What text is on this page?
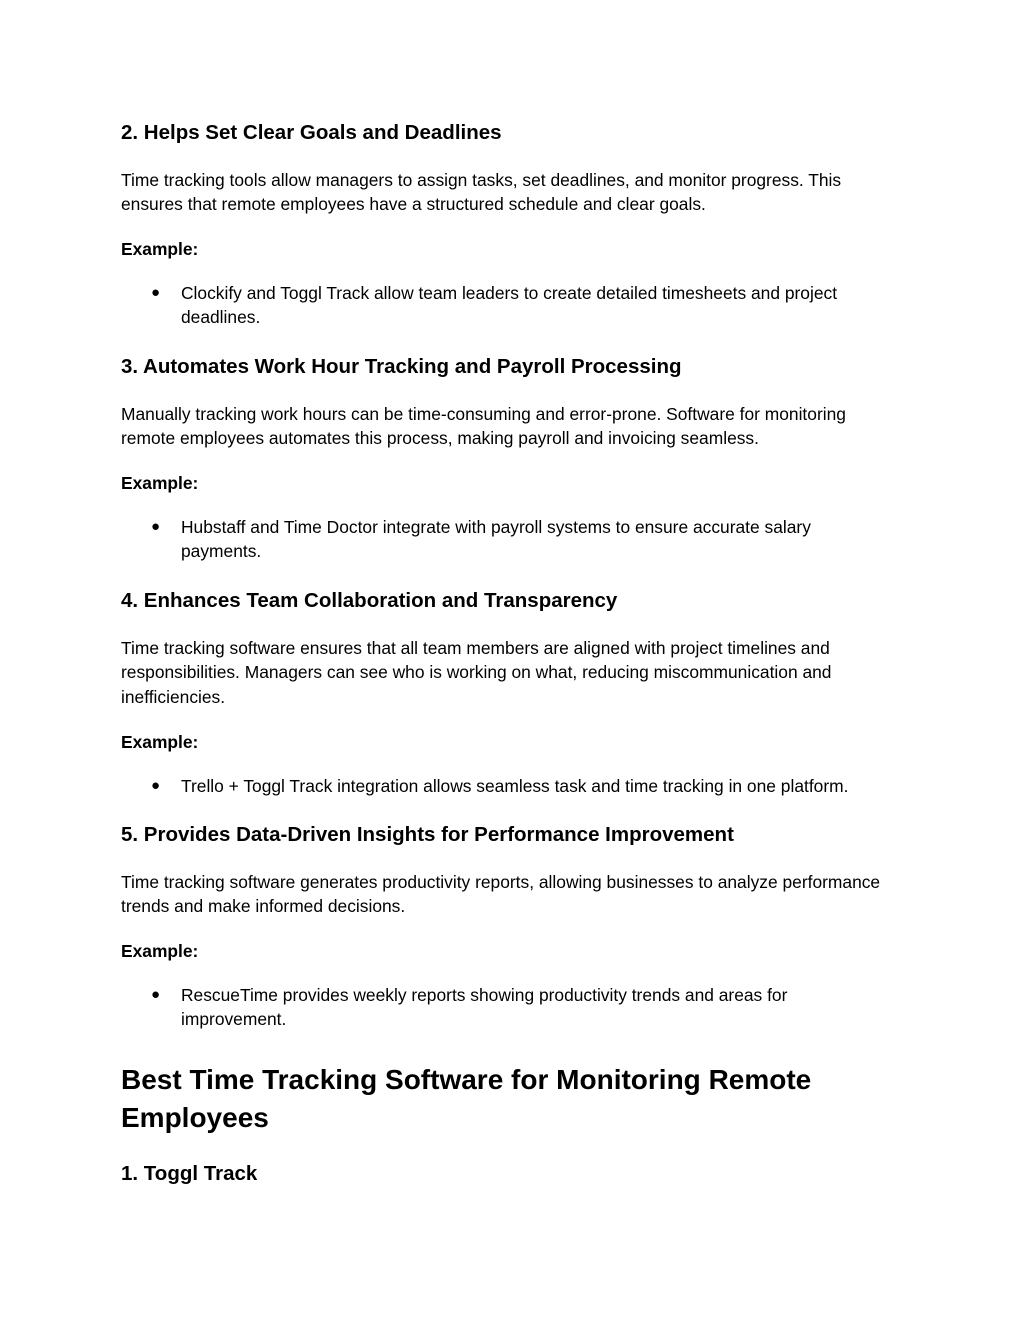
2. Helps Set Clear Goals and Deadlines

Time tracking tools allow managers to assign tasks, set deadlines, and monitor progress. This ensures that remote employees have a structured schedule and clear goals.

Example:

● Clockify and Toggl Track allow team leaders to create detailed timesheets and project deadlines.
3. Automates Work Hour Tracking and Payroll Processing

Manually tracking work hours can be time-consuming and error-prone. Software for monitoring remote employees automates this process, making payroll and invoicing seamless.

Example:

● Hubstaff and Time Doctor integrate with payroll systems to ensure accurate salary payments.
4. Enhances Team Collaboration and Transparency

Time tracking software ensures that all team members are aligned with project timelines and responsibilities. Managers can see who is working on what, reducing miscommunication and inefficiencies.

Example:

● Trello + Toggl Track integration allows seamless task and time tracking in one platform.
5. Provides Data-Driven Insights for Performance Improvement

Time tracking software generates productivity reports, allowing businesses to analyze performance trends and make informed decisions.

Example:

● RescueTime provides weekly reports showing productivity trends and areas for improvement.
Best Time Tracking Software for Monitoring Remote Employees
1. Toggl Track
